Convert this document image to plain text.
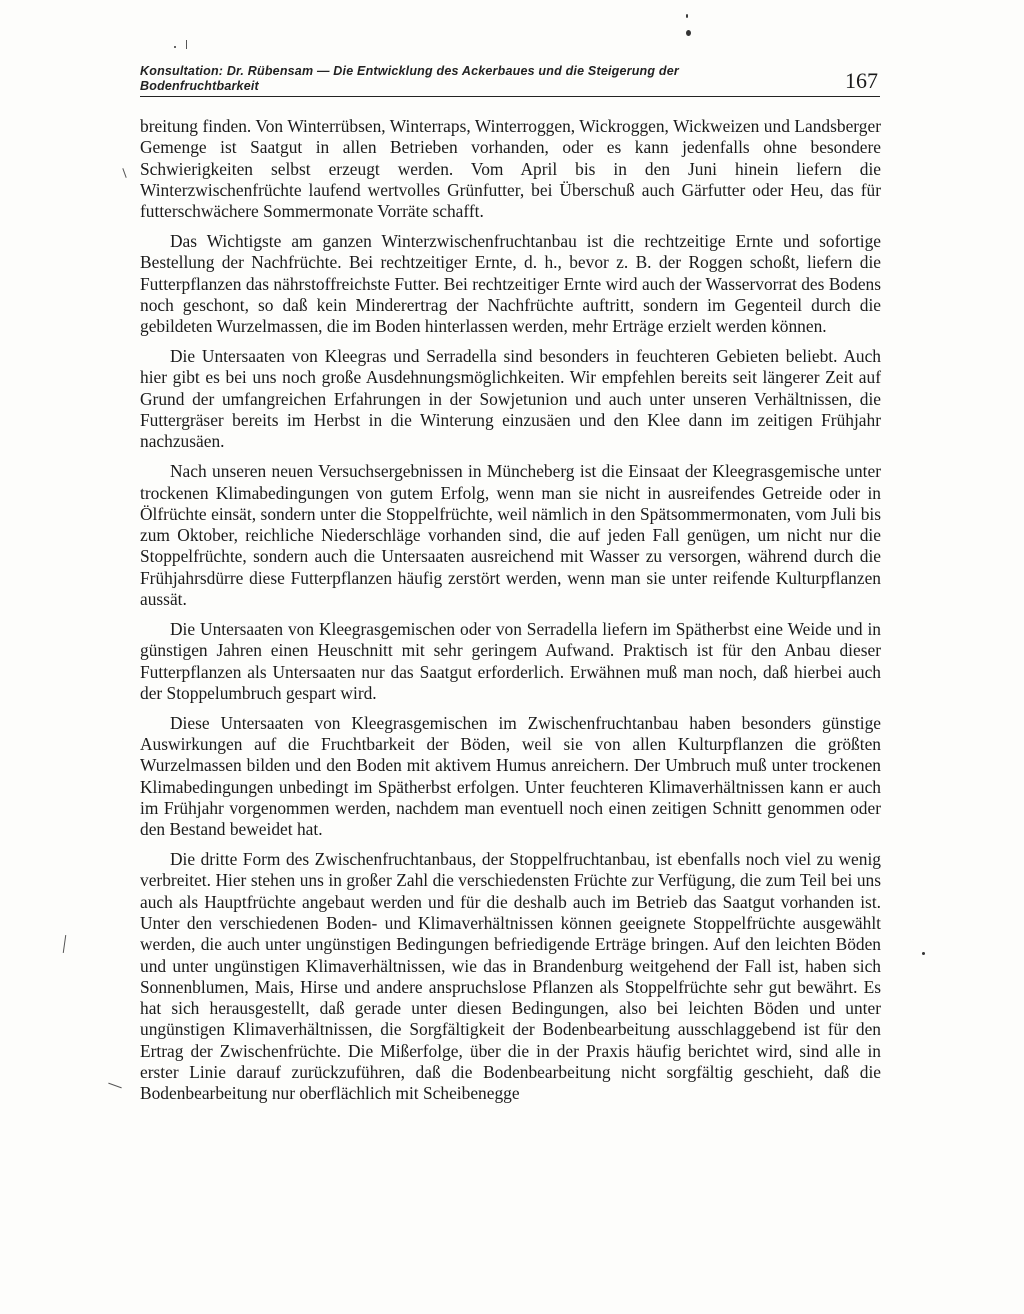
Konsultation: Dr. Rübensam — Die Entwicklung des Ackerbaues und die Steigerung der
Bodenfruchtbarkeit	167

breitung finden. Von Winterrübsen, Winterraps, Winterroggen, Wickroggen, Wickweizen und Landsberger Gemenge ist Saatgut in allen Betrieben vorhanden, oder es kann jedenfalls ohne besondere Schwierigkeiten selbst erzeugt werden. Vom April bis in den Juni hinein liefern die Winterzwischenfrüchte laufend wertvolles Grünfutter, bei Überschuß auch Gärfutter oder Heu, das für futterschwächere Sommermonate Vorräte schafft.

Das Wichtigste am ganzen Winterzwischenfruchtanbau ist die rechtzeitige Ernte und sofortige Bestellung der Nachfrüchte. Bei rechtzeitiger Ernte, d. h., bevor z. B. der Roggen schoßt, liefern die Futterpflanzen das nährstoffreichste Futter. Bei rechtzeitiger Ernte wird auch der Wasservorrat des Bodens noch geschont, so daß kein Minderertrag der Nachfrüchte auftritt, sondern im Gegenteil durch die gebildeten Wurzelmassen, die im Boden hinterlassen werden, mehr Erträge erzielt werden können.

Die Untersaaten von Kleegras und Serradella sind besonders in feuchteren Gebieten beliebt. Auch hier gibt es bei uns noch große Ausdehnungsmöglichkeiten. Wir empfehlen bereits seit längerer Zeit auf Grund der umfangreichen Erfahrungen in der Sowjetunion und auch unter unseren Verhältnissen, die Futtergräser bereits im Herbst in die Winterung einzusäen und den Klee dann im zeitigen Frühjahr nachzusäen.

Nach unseren neuen Versuchsergebnissen in Müncheberg ist die Einsaat der Kleegrasgemische unter trockenen Klimabedingungen von gutem Erfolg, wenn man sie nicht in ausreifendes Getreide oder in Ölfrüchte einsät, sondern unter die Stoppelfrüchte, weil nämlich in den Spätsommermonaten, vom Juli bis zum Oktober, reichliche Niederschläge vorhanden sind, die auf jeden Fall genügen, um nicht nur die Stoppelfrüchte, sondern auch die Untersaaten ausreichend mit Wasser zu versorgen, während durch die Frühjahrsdürre diese Futterpflanzen häufig zerstört werden, wenn man sie unter reifende Kulturpflanzen aussät.

Die Untersaaten von Kleegrasgemischen oder von Serradella liefern im Spätherbst eine Weide und in günstigen Jahren einen Heuschnitt mit sehr geringem Aufwand. Praktisch ist für den Anbau dieser Futterpflanzen als Untersaaten nur das Saatgut erforderlich. Erwähnen muß man noch, daß hierbei auch der Stoppelumbruch gespart wird.

Diese Untersaaten von Kleegrasgemischen im Zwischenfruchtanbau haben besonders günstige Auswirkungen auf die Fruchtbarkeit der Böden, weil sie von allen Kulturpflanzen die größten Wurzelmassen bilden und den Boden mit aktivem Humus anreichern. Der Umbruch muß unter trockenen Klimabedingungen unbedingt im Spätherbst erfolgen. Unter feuchteren Klimaverhältnissen kann er auch im Frühjahr vorgenommen werden, nachdem man eventuell noch einen zeitigen Schnitt genommen oder den Bestand beweidet hat.

Die dritte Form des Zwischenfruchtanbaus, der Stoppelfruchtanbau, ist ebenfalls noch viel zu wenig verbreitet. Hier stehen uns in großer Zahl die verschiedensten Früchte zur Verfügung, die zum Teil bei uns auch als Hauptfrüchte angebaut werden und für die deshalb auch im Betrieb das Saatgut vorhanden ist. Unter den verschiedenen Boden- und Klimaverhältnissen können geeignete Stoppelfrüchte ausgewählt werden, die auch unter ungünstigen Bedingungen befriedigende Erträge bringen. Auf den leichten Böden und unter ungünstigen Klimaverhältnissen, wie das in Brandenburg weitgehend der Fall ist, haben sich Sonnenblumen, Mais, Hirse und andere anspruchslose Pflanzen als Stoppelfrüchte sehr gut bewährt. Es hat sich herausgestellt, daß gerade unter diesen Bedingungen, also bei leichten Böden und unter ungünstigen Klimaverhältnissen, die Sorgfältigkeit der Bodenbearbeitung ausschlaggebend ist für den Ertrag der Zwischenfrüchte. Die Mißerfolge, über die in der Praxis häufig berichtet wird, sind alle in erster Linie darauf zurückzuführen, daß die Bodenbearbeitung nicht sorgfältig geschieht, daß die Bodenbearbeitung nur oberflächlich mit Scheibenegge
